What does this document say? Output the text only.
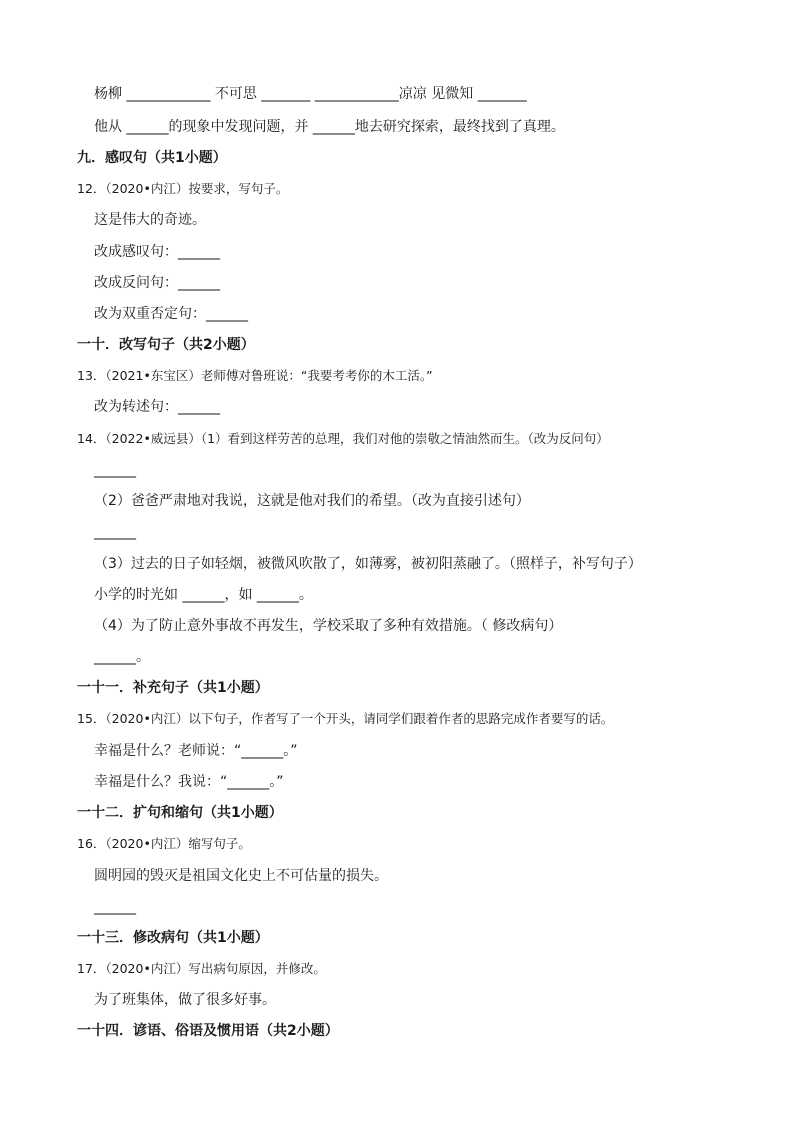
杨柳 ____________ 不可思 _______ ____________凉凉 见微知 _______
他从 ______的现象中发现问题，并 ______地去研究探索，最终找到了真理。
九．感叹句（共1小题）
12．（2020•内江）按要求，写句子。
这是伟大的奇迹。
改成感叹句：______
改成反问句：______
改为双重否定句：______
一十．改写句子（共2小题）
13．（2021•东宝区）老师傅对鲁班说：“我要考考你的木工活。”
改为转述句：______
14．（2022•威远县）（1）看到这样劳苦的总理，我们对他的崇敬之情油然而生。（改为反问句）
______
（2）爸爸严肃地对我说，这就是他对我们的希望。（改为直接引述句）
______
（3）过去的日子如轻烟，被微风吹散了，如薄雾，被初阳蒸融了。（照样子，补写句子）
小学的时光如 ______，如 ______。
（4）为了防止意外事故不再发生，学校采取了多种有效措施。（ 修改病句）
______。
一十一．补充句子（共1小题）
15．（2020•内江）以下句子，作者写了一个开头，请同学们跟着作者的思路完成作者要写的话。
幸福是什么？老师说：“______。”
幸福是什么？我说：“______。”
一十二．扩句和缩句（共1小题）
16．（2020•内江）缩写句子。
圆明园的毁灭是祖国文化史上不可估量的损失。
______
一十三．修改病句（共1小题）
17．（2020•内江）写出病句原因，并修改。
为了班集体，做了很多好事。
一十四．谚语、俗语及惯用语（共2小题）
